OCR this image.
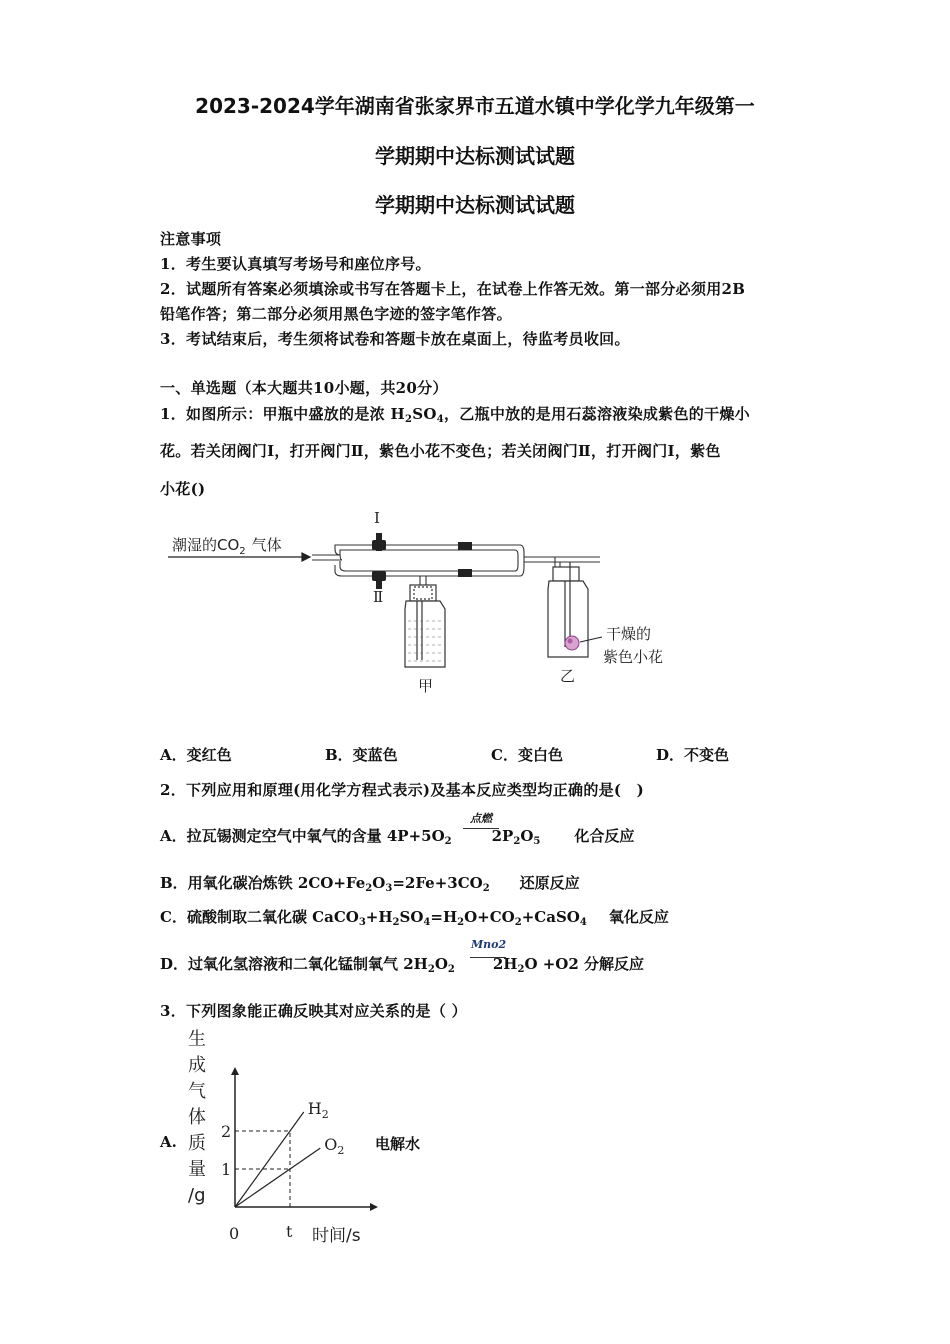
2023-2024学年湖南省张家界市五道水镇中学化学九年级第一
学期期中达标测试试题
学期期中达标测试试题
注意事项
1．考生要认真填写考场号和座位序号。
2．试题所有答案必须填涂或书写在答题卡上，在试卷上作答无效。第一部分必须用2B
铅笔作答；第二部分必须用黑色字迹的签字笔作答。
3．考试结束后，考生须将试卷和答题卡放在桌面上，待监考员收回。
一、单选题（本大题共10小题，共20分）
1．如图所示：甲瓶中盛放的是浓 $H_2SO_4$，乙瓶中放的是用石蕊溶液染成紫色的干燥小
花。若关闭阀门Ⅰ，打开阀门Ⅱ，紫色小花不变色；若关闭阀门Ⅱ，打开阀门Ⅰ，紫色
小花()
潮湿的$CO_2$ 气体
Ⅰ
Ⅱ
甲
干燥的
紫色小花
乙
A．变红色	B．变蓝色	C．变白色	D．不变色
2．下列应用和原理(用化学方程式表示)及基本反应类型均正确的是(　)
A．拉瓦锡测定空气中氧气的含量 $4P+5O_2$	$2P_2O_5$ 化合反应
点燃
B．用氧化碳冶炼铁 $2CO+Fe_2O_3=2Fe+3CO_2$ 还原反应
C．硫酸制取二氧化碳 $CaCO_3+H_2SO_4=H_2O+CO_2+CaSO_4$ 氧化反应
D．过氧化氢溶液和二氧化锰制氧气 $2H_2O_2$	$2H_2O +O2$ 分解反应
Mno2
3．下列图象能正确反映其对应关系的是（ ）
A.	电解水
生
成
气
体
质
量
/g
1
2
$H_2$
$O_2$
0	t 时间/s
